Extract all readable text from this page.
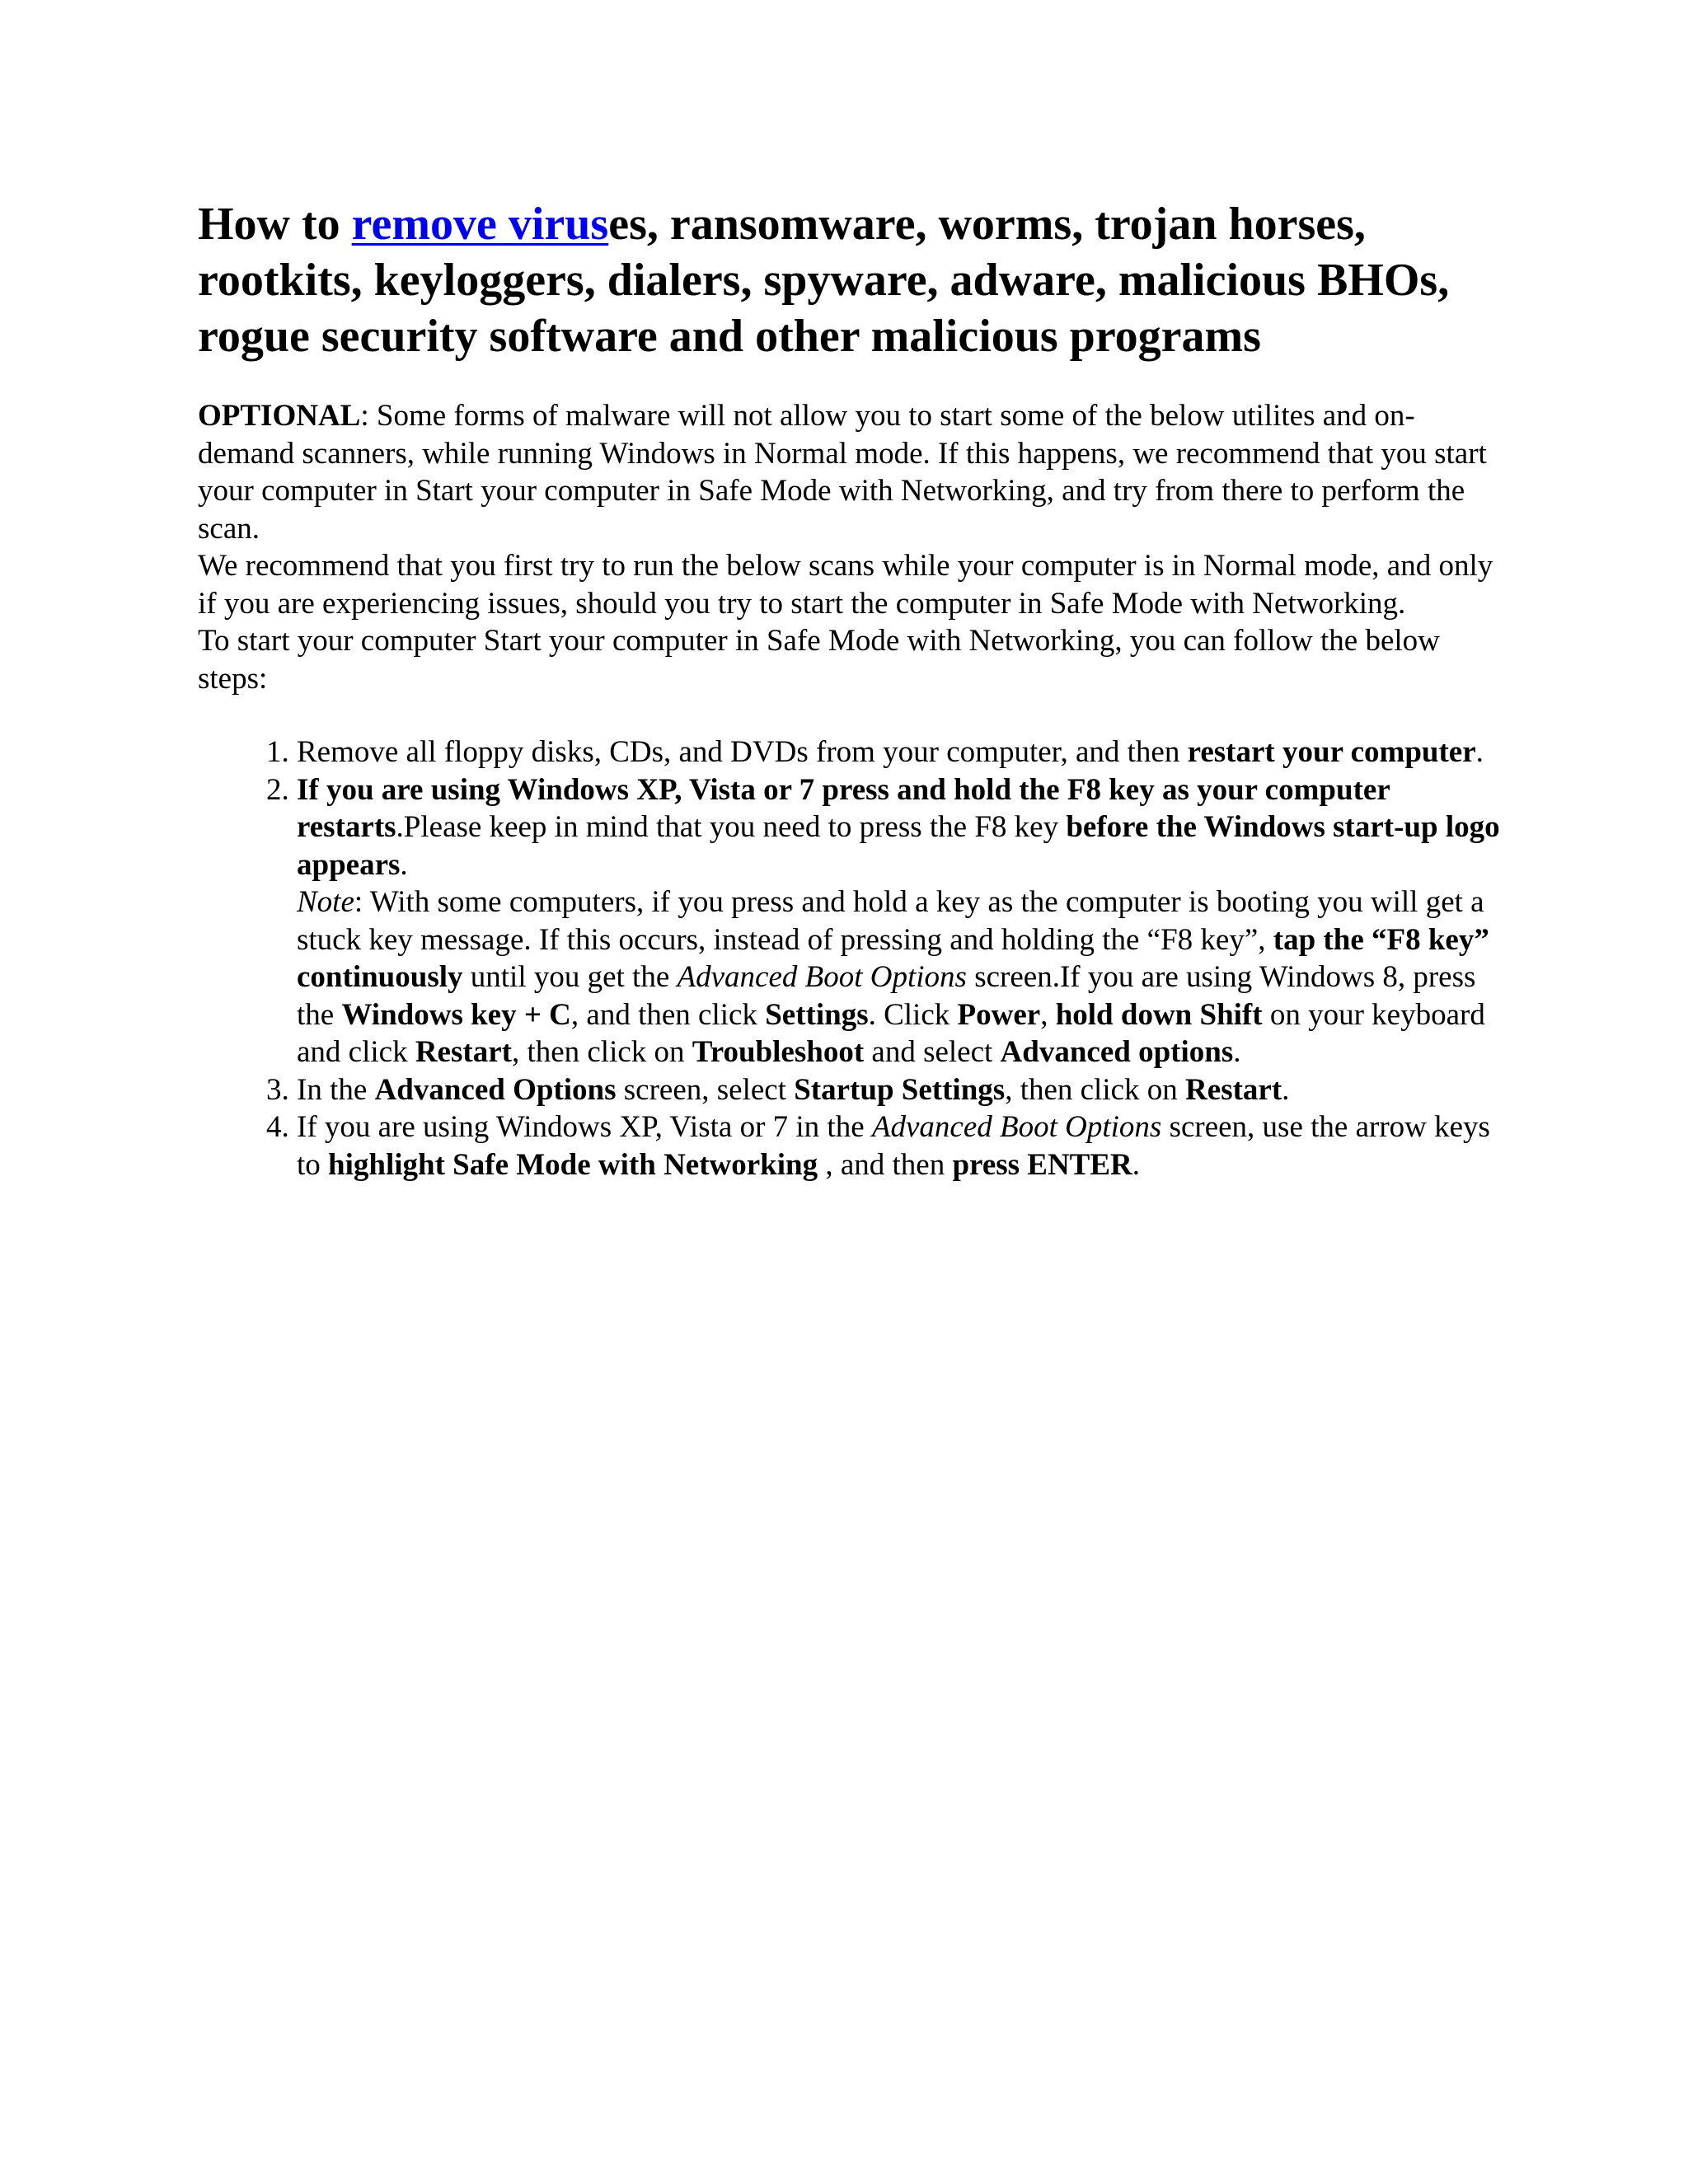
How to remove viruses, ransomware, worms, trojan horses, rootkits, keyloggers, dialers, spyware, adware, malicious BHOs, rogue security software and other malicious programs

OPTIONAL: Some forms of malware will not allow you to start some of the below utilites and on-demand scanners, while running Windows in Normal mode. If this happens, we recommend that you start your computer in Start your computer in Safe Mode with Networking, and try from there to perform the scan.

We recommend that you first try to run the below scans while your computer is in Normal mode, and only if you are experiencing issues, should you try to start the computer in Safe Mode with Networking.

To start your computer Start your computer in Safe Mode with Networking, you can follow the below steps:

1. Remove all floppy disks, CDs, and DVDs from your computer, and then restart your computer.
2. If you are using Windows XP, Vista or 7 press and hold the F8 key as your computer restarts.Please keep in mind that you need to press the F8 key before the Windows start-up logo appears.
Note: With some computers, if you press and hold a key as the computer is booting you will get a stuck key message. If this occurs, instead of pressing and holding the “F8 key”, tap the “F8 key” continuously until you get the Advanced Boot Options screen.If you are using Windows 8, press the Windows key + C, and then click Settings. Click Power, hold down Shift on your keyboard and click Restart, then click on Troubleshoot and select Advanced options.
3. In the Advanced Options screen, select Startup Settings, then click on Restart.
4. If you are using Windows XP, Vista or 7 in the Advanced Boot Options screen, use the arrow keys to highlight Safe Mode with Networking , and then press ENTER.
